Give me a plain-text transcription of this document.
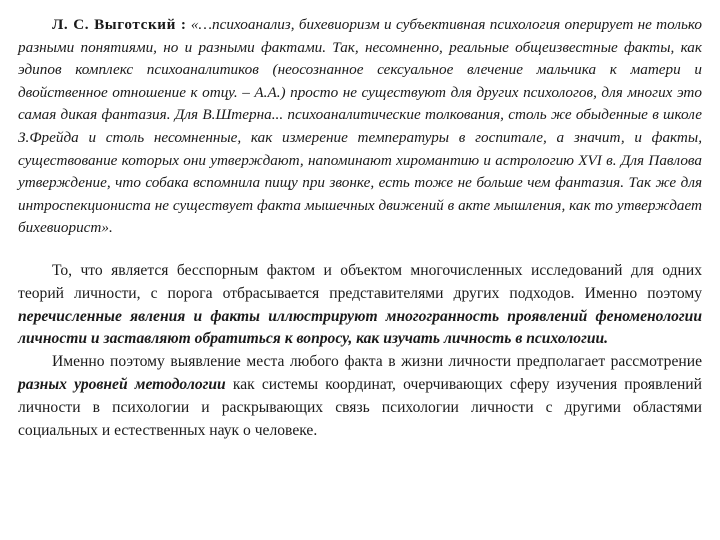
Л. С. Выготский : «…психоанализ, бихевиоризм и субъективная психология оперирует не только разными понятиями, но и разными фактами. Так, несомненно, реальные общеизвестные факты, как эдипов комплекс психоаналитиков (неосознанное сексуальное влечение мальчика к матери и двойственное отношение к отцу. – А.А.) просто не существуют для других психологов, для многих это самая дикая фантазия. Для В.Штерна... психоаналитические толкования, столь же обыденные в школе З.Фрейда и столь несомненные, как измерение температуры в госпитале, а значит, и факты, существование которых они утверждают, напоминают хиромантию и астрологию XVI в. Для Павлова утверждение, что собака вспомнила пищу при звонке, есть тоже не больше чем фантазия. Так же для интроспекциониста не существует факта мышечных движений в акте мышления, как то утверждает бихевиорист».

То, что является бесспорным фактом и объектом многочисленных исследований для одних теорий личности, с порога отбрасывается представителями других подходов. Именно поэтому перечисленные явления и факты иллюстрируют многогранность проявлений феноменологии личности и заставляют обратиться к вопросу, как изучать личность в психологии.

Именно поэтому выявление места любого факта в жизни личности предполагает рассмотрение разных уровней методологии как системы координат, очерчивающих сферу изучения проявлений личности в психологии и раскрывающих связь психологии личности с другими областями социальных и естественных наук о человеке.
